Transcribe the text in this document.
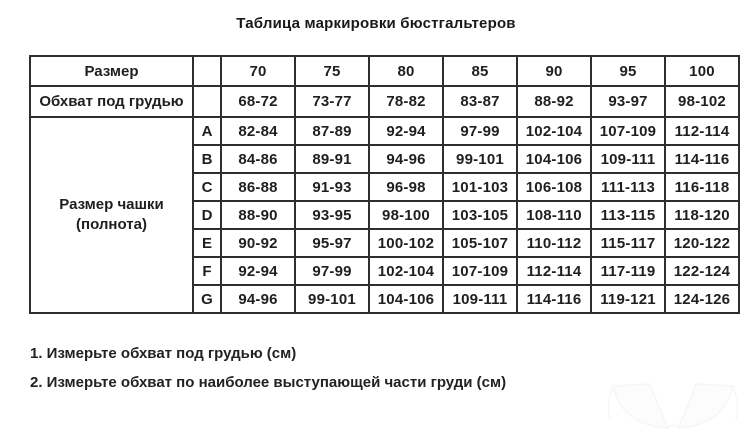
Таблица маркировки бюстгальтеров
Размер		70	75	80	85	90	95	100
Обхват под грудью		68-72	73-77	78-82	83-87	88-92	93-97	98-102
Размер чашки (полнота)	A	82-84	87-89	92-94	97-99	102-104	107-109	112-114
	B	84-86	89-91	94-96	99-101	104-106	109-111	114-116
	C	86-88	91-93	96-98	101-103	106-108	111-113	116-118
	D	88-90	93-95	98-100	103-105	108-110	113-115	118-120
	E	90-92	95-97	100-102	105-107	110-112	115-117	120-122
	F	92-94	97-99	102-104	107-109	112-114	117-119	122-124
	G	94-96	99-101	104-106	109-111	114-116	119-121	124-126

1. Измерьте обхват под грудью (см)

2. Измерьте обхват по наиболее выступающей части груди (см)
